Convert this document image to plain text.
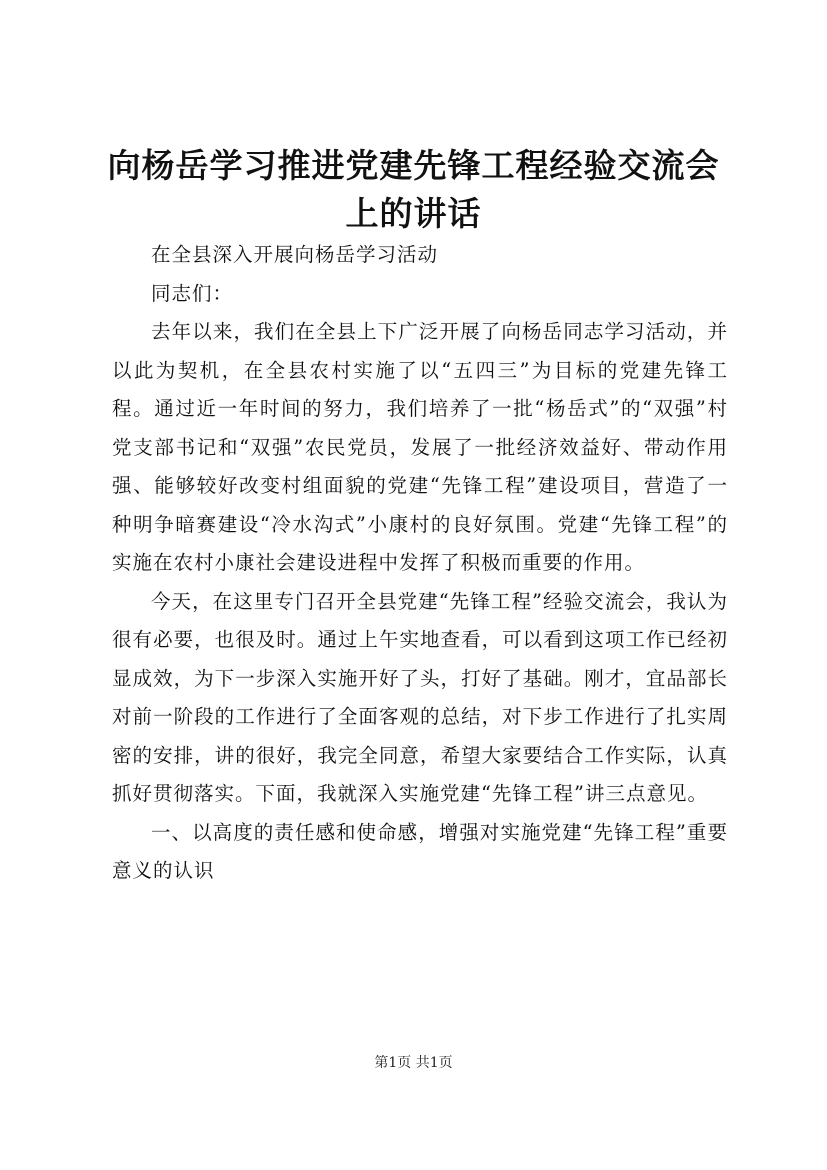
向杨岳学习推进党建先锋工程经验交流会上的讲话

在全县深入开展向杨岳学习活动

同志们：

去年以来，我们在全县上下广泛开展了向杨岳同志学习活动，并以此为契机，在全县农村实施了以“五四三”为目标的党建先锋工程。通过近一年时间的努力，我们培养了一批“杨岳式”的“双强”村党支部书记和“双强”农民党员，发展了一批经济效益好、带动作用强、能够较好改变村组面貌的党建“先锋工程”建设项目，营造了一种明争暗赛建设“冷水沟式”小康村的良好氛围。党建“先锋工程”的实施在农村小康社会建设进程中发挥了积极而重要的作用。

今天，在这里专门召开全县党建“先锋工程”经验交流会，我认为很有必要，也很及时。通过上午实地查看，可以看到这项工作已经初显成效，为下一步深入实施开好了头，打好了基础。刚才，宜品部长对前一阶段的工作进行了全面客观的总结，对下步工作进行了扎实周密的安排，讲的很好，我完全同意，希望大家要结合工作实际，认真抓好贯彻落实。下面，我就深入实施党建“先锋工程”讲三点意见。

一、以高度的责任感和使命感，增强对实施党建“先锋工程”重要意义的认识

第1页 共1页
